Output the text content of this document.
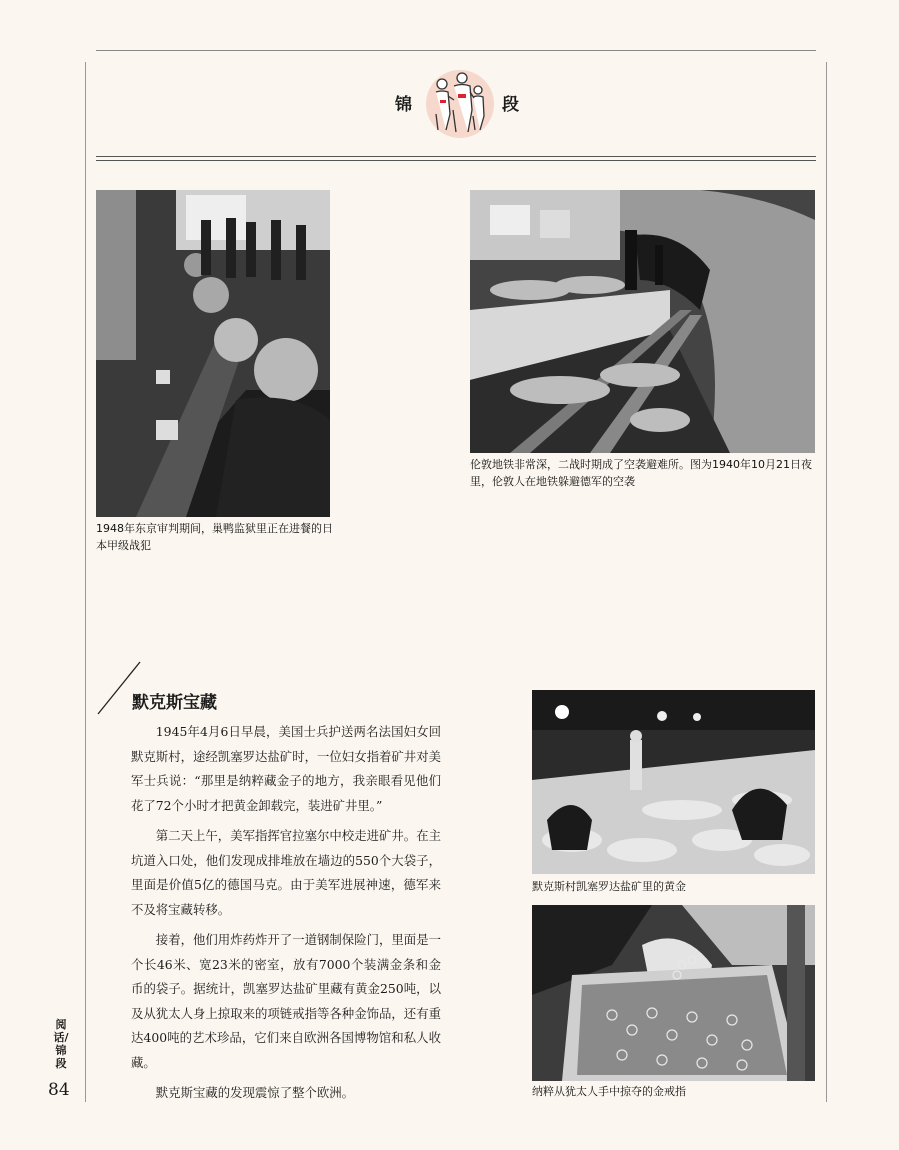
锦	段
1948年东京审判期间，巢鸭监狱里正在进餐的日本甲级战犯
伦敦地铁非常深，二战时期成了空袭避难所。图为1940年10月21日夜里，伦敦人在地铁躲避德军的空袭
默克斯宝藏

1945年4月6日早晨，美国士兵护送两名法国妇女回默克斯村，途经凯塞罗达盐矿时，一位妇女指着矿井对美军士兵说：“那里是纳粹藏金子的地方，我亲眼看见他们花了72个小时才把黄金卸载完，装进矿井里。”

第二天上午，美军指挥官拉塞尔中校走进矿井。在主坑道入口处，他们发现成排堆放在墙边的550个大袋子，里面是价值5亿的德国马克。由于美军进展神速，德军来不及将宝藏转移。

接着，他们用炸药炸开了一道钢制保险门，里面是一个长46米、宽23米的密室，放有7000个装满金条和金币的袋子。据统计，凯塞罗达盐矿里藏有黄金250吨，以及从犹太人身上掠取来的项链戒指等各种金饰品，还有重达400吨的艺术珍品，它们来自欧洲各国博物馆和私人收藏。

默克斯宝藏的发现震惊了整个欧洲。

默克斯村凯塞罗达盐矿里的黄金
纳粹从犹太人手中掠夺的金戒指
阅话/锦段
84
